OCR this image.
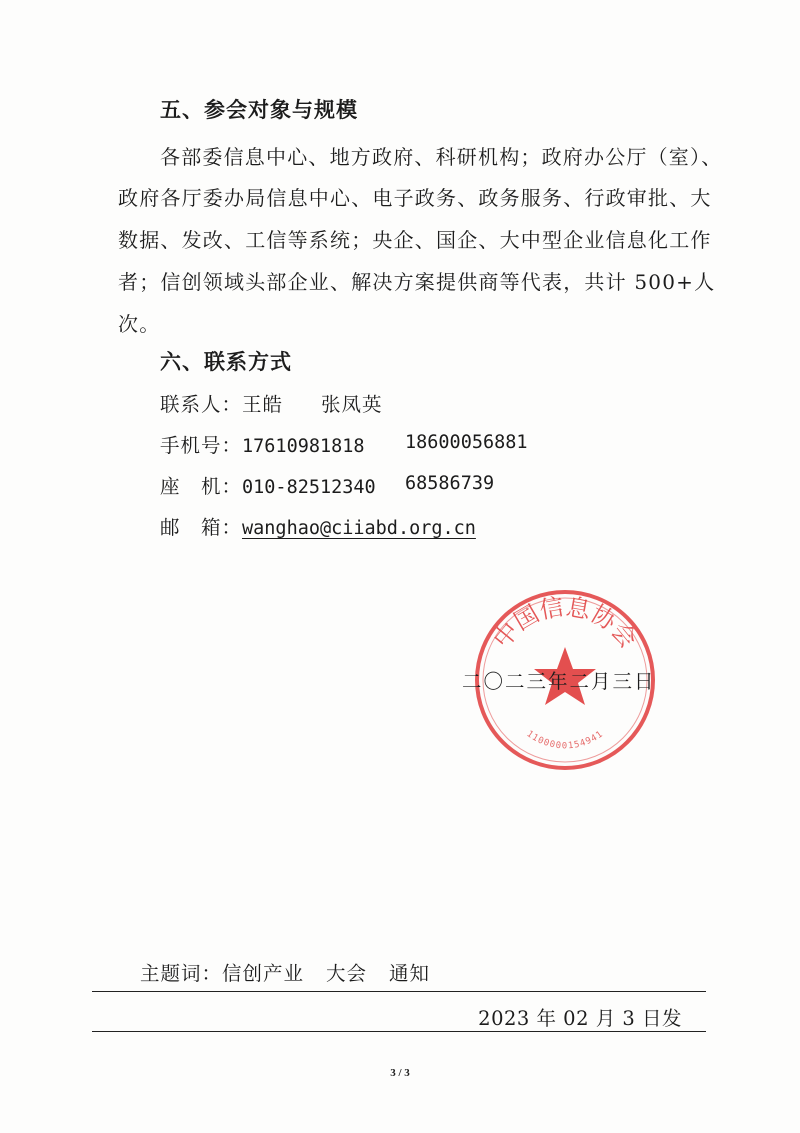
五、参会对象与规模
各部委信息中心、地方政府、科研机构；政府办公厅（室）、
政府各厅委办局信息中心、电子政务、政务服务、行政审批、大
数据、发改、工信等系统；央企、国企、大中型企业信息化工作
者；信创领域头部企业、解决方案提供商等代表，共计 500+人
次。
六、联系方式
联系人：王皓 张凤英
手机号：17610981818 18600056881
座　机：010-82512340 68586739
邮　箱：wanghao@ciiabd.org.cn
中国信息协会
1100000154941
二〇二三年二月三日
主题词：信创产业 大会 通知
2023 年 02 月 3 日发
3 / 3
